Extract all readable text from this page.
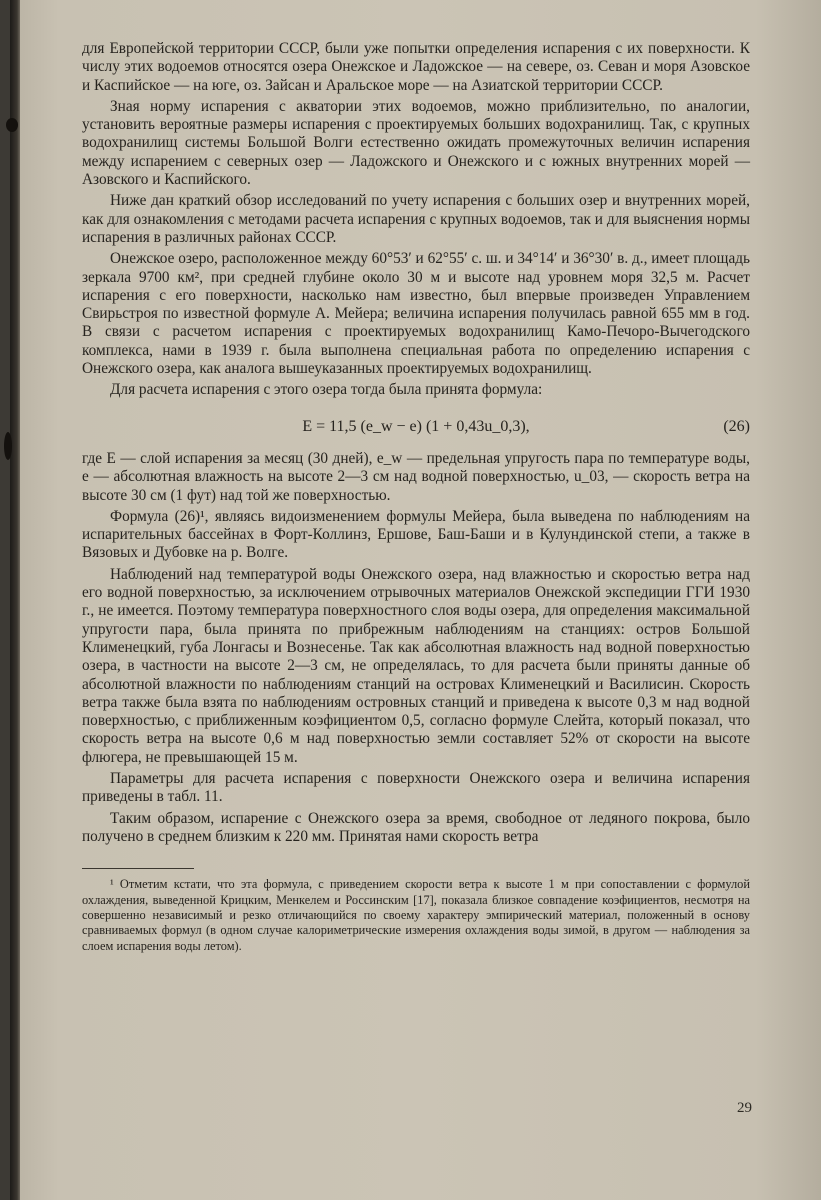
для Европейской территории СССР, были уже попытки определения испарения с их поверхности. К числу этих водоемов относятся озера Онежское и Ладожское — на севере, оз. Севан и моря Азовское и Каспийское — на юге, оз. Зайсан и Аральское море — на Азиатской территории СССР.

Зная норму испарения с акватории этих водоемов, можно приблизительно, по аналогии, установить вероятные размеры испарения с проектируемых больших водохранилищ. Так, с крупных водохранилищ системы Большой Волги естественно ожидать промежуточных величин испарения между испарением с северных озер — Ладожского и Онежского и с южных внутренних морей — Азовского и Каспийского.

Ниже дан краткий обзор исследований по учету испарения с больших озер и внутренних морей, как для ознакомления с методами расчета испарения с крупных водоемов, так и для выяснения нормы испарения в различных районах СССР.

Онежское озеро, расположенное между 60°53′ и 62°55′ с. ш. и 34°14′ и 36°30′ в. д., имеет площадь зеркала 9700 км², при средней глубине около 30 м и высоте над уровнем моря 32,5 м. Расчет испарения с его поверхности, насколько нам известно, был впервые произведен Управлением Свирьстроя по известной формуле А. Мейера; величина испарения получилась равной 655 мм в год. В связи с расчетом испарения с проектируемых водохранилищ Камо-Печоро-Вычегодского комплекса, нами в 1939 г. была выполнена специальная работа по определению испарения с Онежского озера, как аналога вышеуказанных проектируемых водохранилищ.

Для расчета испарения с этого озера тогда была принята формула:

E = 11,5 (e_w − e) (1 + 0,43u_0,3),	(26)

где E — слой испарения за месяц (30 дней), e_w — предельная упругость пара по температуре воды, e — абсолютная влажность на высоте 2—3 см над водной поверхностью, u_03, — скорость ветра на высоте 30 см (1 фут) над той же поверхностью.

Формула (26)¹, являясь видоизменением формулы Мейера, была выведена по наблюдениям на испарительных бассейнах в Форт-Коллинз, Ершове, Баш-Баши и в Кулундинской степи, а также в Вязовых и Дубовке на р. Волге.

Наблюдений над температурой воды Онежского озера, над влажностью и скоростью ветра над его водной поверхностью, за исключением отрывочных материалов Онежской экспедиции ГГИ 1930 г., не имеется. Поэтому температура поверхностного слоя воды озера, для определения максимальной упругости пара, была принята по прибрежным наблюдениям на станциях: остров Большой Клименецкий, губа Лонгасы и Вознесенье. Так как абсолютная влажность над водной поверхностью озера, в частности на высоте 2—3 см, не определялась, то для расчета были приняты данные об абсолютной влажности по наблюдениям станций на островах Клименецкий и Василисин. Скорость ветра также была взята по наблюдениям островных станций и приведена к высоте 0,3 м над водной поверхностью, с приближенным коэфициентом 0,5, согласно формуле Слейта, который показал, что скорость ветра на высоте 0,6 м над поверхностью земли составляет 52% от скорости на высоте флюгера, не превышающей 15 м.

Параметры для расчета испарения с поверхности Онежского озера и величина испарения приведены в табл. 11.

Таким образом, испарение с Онежского озера за время, свободное от ледяного покрова, было получено в среднем близким к 220 мм. Принятая нами скорость ветра

¹ Отметим кстати, что эта формула, с приведением скорости ветра к высоте 1 м при сопоставлении с формулой охлаждения, выведенной Крицким, Менкелем и Россинским [17], показала близкое совпадение коэфициентов, несмотря на совершенно независимый и резко отличающийся по своему характеру эмпирический материал, положенный в основу сравниваемых формул (в одном случае калориметрические измерения охлаждения воды зимой, в другом — наблюдения за слоем испарения воды летом).

29
